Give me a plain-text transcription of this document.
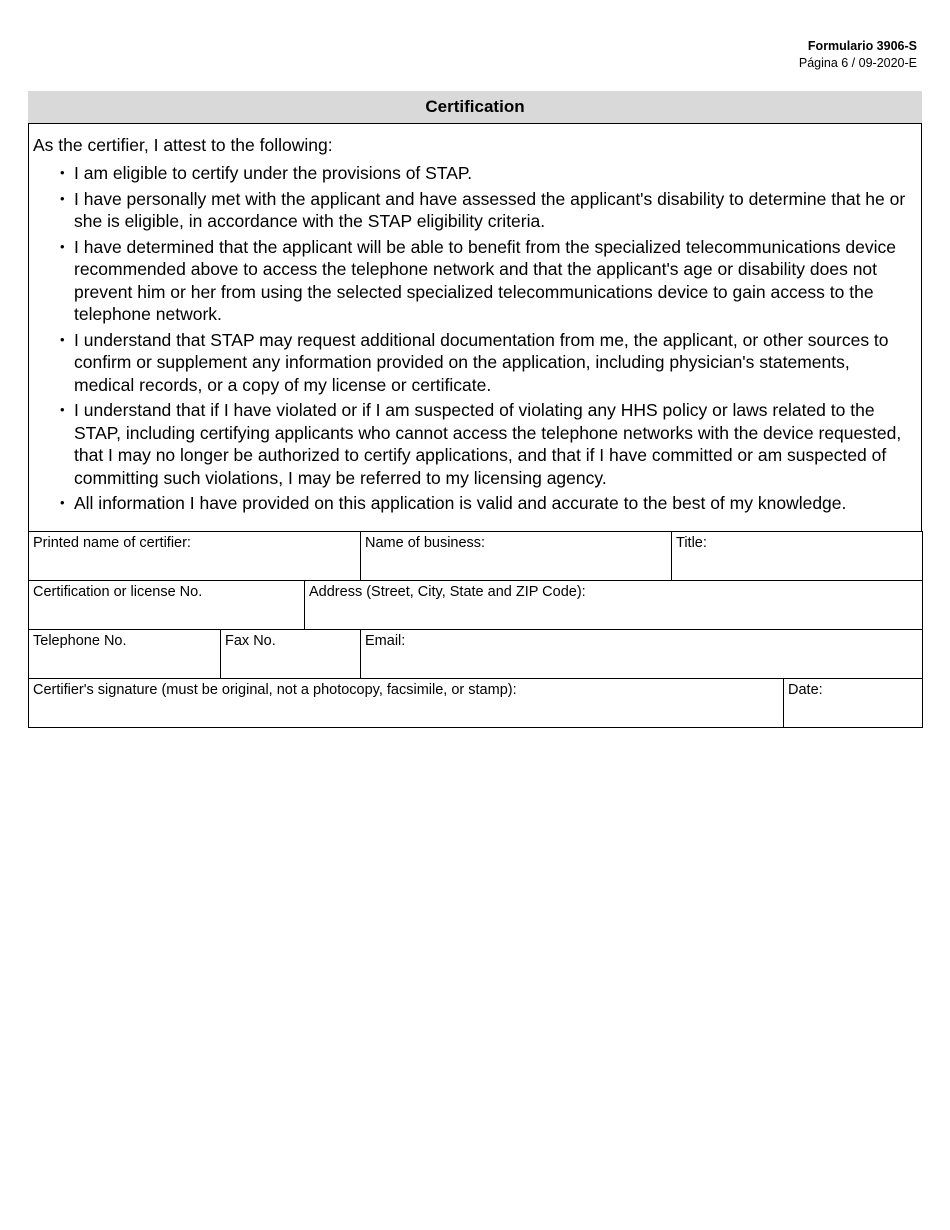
Formulario 3906-S
Página 6 / 09-2020-E
Certification

As the certifier, I attest to the following:

• I am eligible to certify under the provisions of STAP.
• I have personally met with the applicant and have assessed the applicant's disability to determine that he or she is eligible, in accordance with the STAP eligibility criteria.
• I have determined that the applicant will be able to benefit from the specialized telecommunications device recommended above to access the telephone network and that the applicant's age or disability does not prevent him or her from using the selected specialized telecommunications device to gain access to the telephone network.
• I understand that STAP may request additional documentation from me, the applicant, or other sources to confirm or supplement any information provided on the application, including physician's statements, medical records, or a copy of my license or certificate.
• I understand that if I have violated or if I am suspected of violating any HHS policy or laws related to the STAP, including certifying applicants who cannot access the telephone networks with the device requested, that I may no longer be authorized to certify applications, and that if I have committed or am suspected of committing such violations, I may be referred to my licensing agency.
• All information I have provided on this application is valid and accurate to the best of my knowledge.
Printed name of certifier:			Name of business:	Title:	

Certification or license No.		Address (Street, City, State and ZIP Code):			

Telephone No.	Fax No.		Email:		

Certifier's signature (must be original, not a photocopy, facsimile, or stamp):					Date:
